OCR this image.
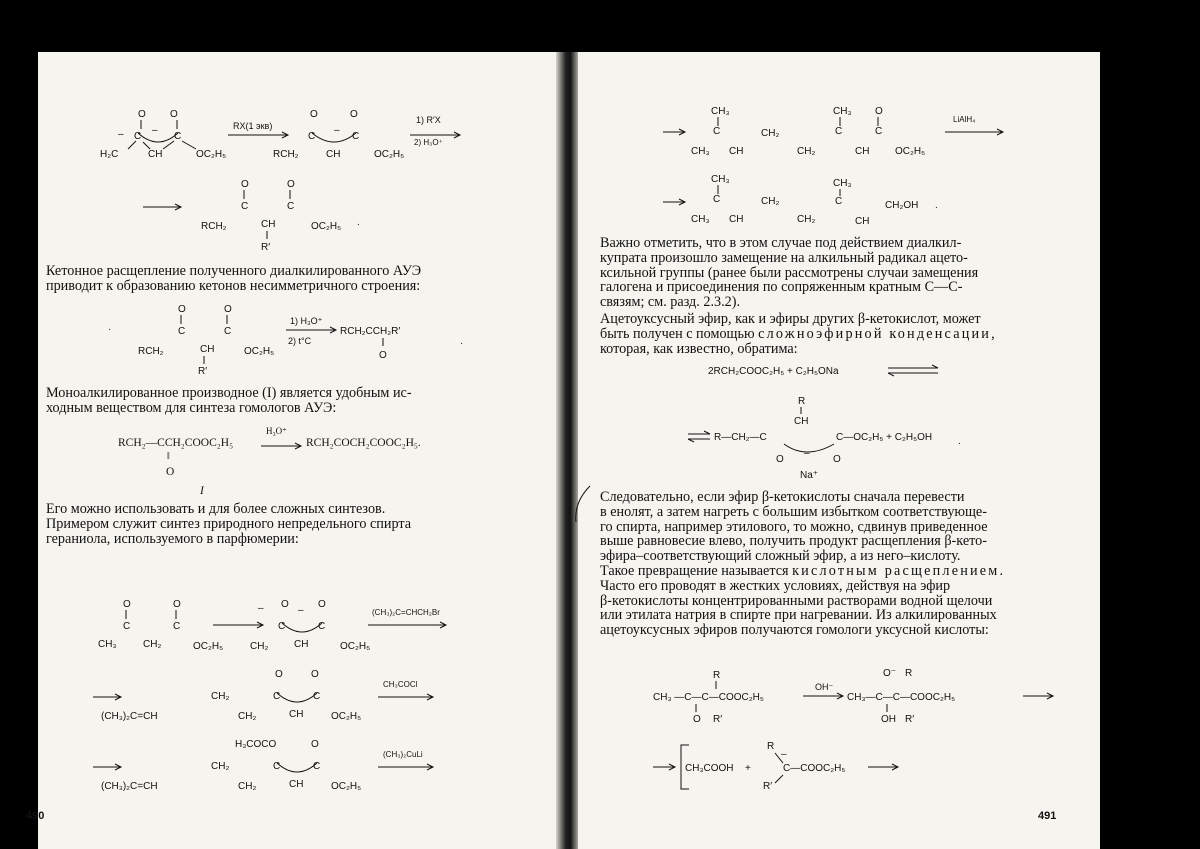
–
O
C
–
O
C
H₂C	CH	OC₂H₅
RX(1 экв)
O
–
O
C	C
RCH₂	CH	OC₂H₅
1) R′X
2) H₃O⁺
O
C
O
C
RCH₂	CH	OC₂H₅
R′
.

Кетонное расщепление полученного диалкилированного АУЭ
приводит к образованию кетонов несимметричного строения:

·
O
C
O
C
RCH₂	CH	OC₂H₅
R′
1) H₃O⁺
2) t°C
RCH₂CCH₂R′
O
·

Моноалкилированное производное (I) является удобным ис-
ходным веществом для синтеза гомологов АУЭ:

RCH₂—CCH₂COOC₂H₅
H₃O⁺
RCH₂COCH₂COOC₂H₅.
‖
O
I

Его можно использовать и для более сложных синтезов.
Примером служит синтез природного непредельного спирта
гераниола, используемого в парфюмерии:

O
C
O
C
CH₃	CH₂	OC₂H₅
– O
–
O
C	C
CH₂	CH	OC₂H₅
(CH₃)₂C=CHCH₂Br
(CH₃)₂C=CH
CH₂
CH₂
O	O
C	C
CH	OC₂H₅
CH₃COCl
(CH₃)₂C=CH
CH₂
CH₂
H₃COCO	O
C	C
CH	OC₂H₅
(CH₃)₂CuLi
490
CH₃
C
CH₃ CH
CH₂
CH₂
CH₃
C
CH
O
C
OC₂H₅
LiAlH₄
CH₃
C
CH₃ CH
CH₂
CH₂
CH₃
C
CH
CH₂OH .

Важно отметить, что в этом случае под действием диалкил-
купрата произошло замещение на алкильный радикал ацето-
ксильной группы (ранее были рассмотрены случаи замещения
галогена и присоединения по сопряженным кратным С—С-
связям; см. разд. 2.3.2).

Ацетоуксусный эфир, как и эфиры других β-кетокислот, может
быть получен с помощью сложноэфирной конденсации,
которая, как известно, обратима:

2RCH₂COOC₂H₅ + C₂H₅ONa
R
CH
R—CH₂—C	C—OC₂H₅ + C₂H₅OH	.
–
O	O
Na⁺

Следовательно, если эфир β-кетокислоты сначала перевести
в енолят, а затем нагреть с большим избытком соответствующе-
го спирта, например этилового, то можно, сдвинув приведенное
выше равновесие влево, получить продукт расщепления β-кето-
эфира–соответствующий сложный эфир, а из него–кислоту.
Такое превращение называется кислотным расщеплением.
Часто его проводят в жестких условиях, действуя на эфир
β-кетокислоты концентрированными растворами водной щелочи
или этилата натрия в спирте при нагревании. Из алкилированных
ацетоуксусных эфиров получаются гомологи уксусной кислоты:

R
CH₃ —C—C—COOC₂H₅
O R′
OH⁻
O⁻ R
CH₃—C—C—COOC₂H₅
OH R′
CH₃COOH +
R
C—COOC₂H₅
R′
–
491
